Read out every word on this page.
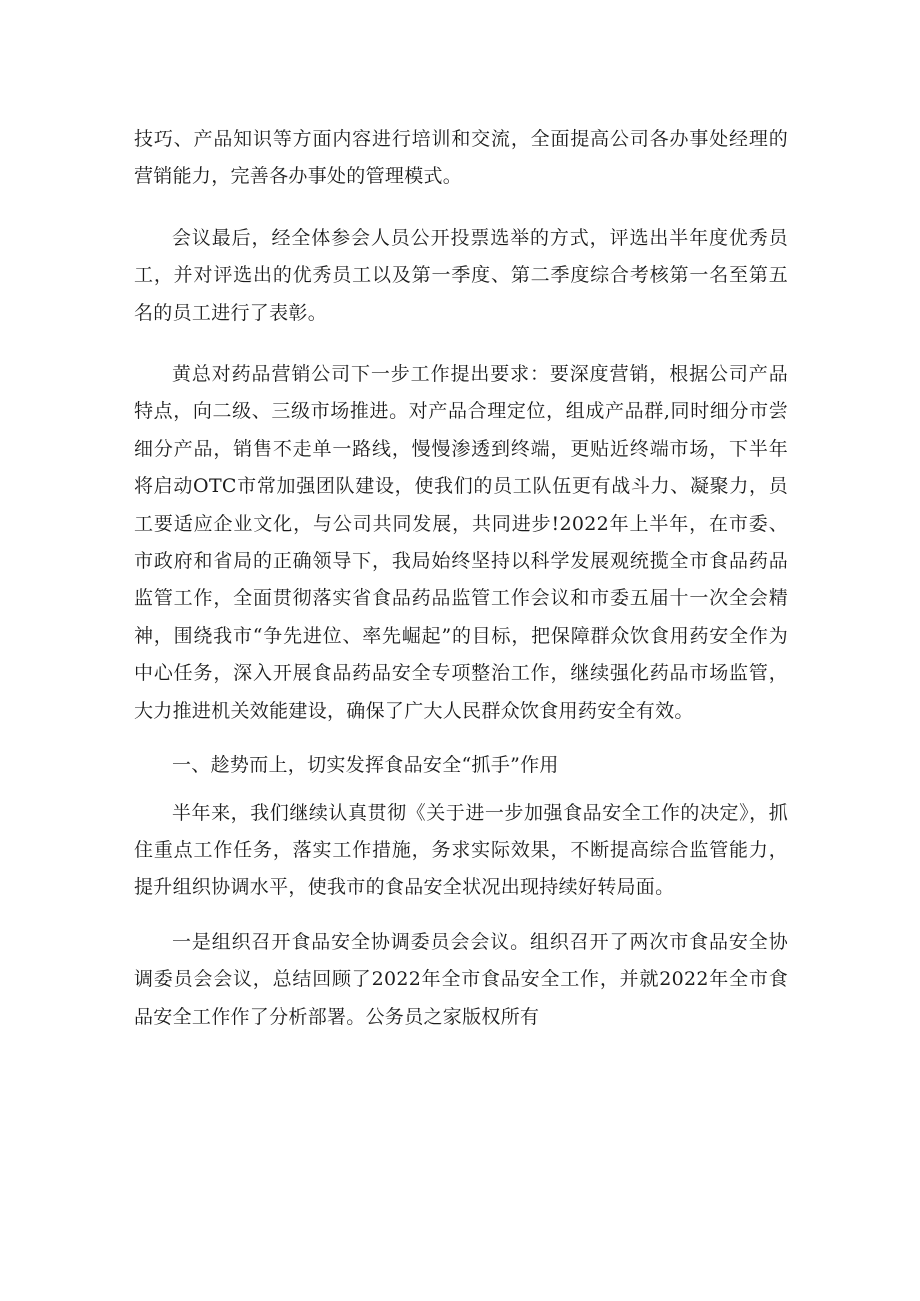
技巧、产品知识等方面内容进行培训和交流，全面提高公司各办事处经理的营销能力，完善各办事处的管理模式。

会议最后，经全体参会人员公开投票选举的方式，评选出半年度优秀员工，并对评选出的优秀员工以及第一季度、第二季度综合考核第一名至第五名的员工进行了表彰。

黄总对药品营销公司下一步工作提出要求：要深度营销，根据公司产品特点，向二级、三级市场推进。对产品合理定位，组成产品群,同时细分市尝细分产品，销售不走单一路线，慢慢渗透到终端，更贴近终端市场，下半年将启动OTC市常加强团队建设，使我们的员工队伍更有战斗力、凝聚力，员工要适应企业文化，与公司共同发展，共同进步!2022年上半年，在市委、市政府和省局的正确领导下，我局始终坚持以科学发展观统揽全市食品药品监管工作，全面贯彻落实省食品药品监管工作会议和市委五届十一次全会精神，围绕我市“争先进位、率先崛起”的目标，把保障群众饮食用药安全作为中心任务，深入开展食品药品安全专项整治工作，继续强化药品市场监管，大力推进机关效能建设，确保了广大人民群众饮食用药安全有效。

一、趁势而上，切实发挥食品安全“抓手”作用

半年来，我们继续认真贯彻《关于进一步加强食品安全工作的决定》，抓住重点工作任务，落实工作措施，务求实际效果，不断提高综合监管能力，提升组织协调水平，使我市的食品安全状况出现持续好转局面。

一是组织召开食品安全协调委员会会议。组织召开了两次市食品安全协调委员会会议，总结回顾了2022年全市食品安全工作，并就2022年全市食品安全工作作了分析部署。公务员之家版权所有
